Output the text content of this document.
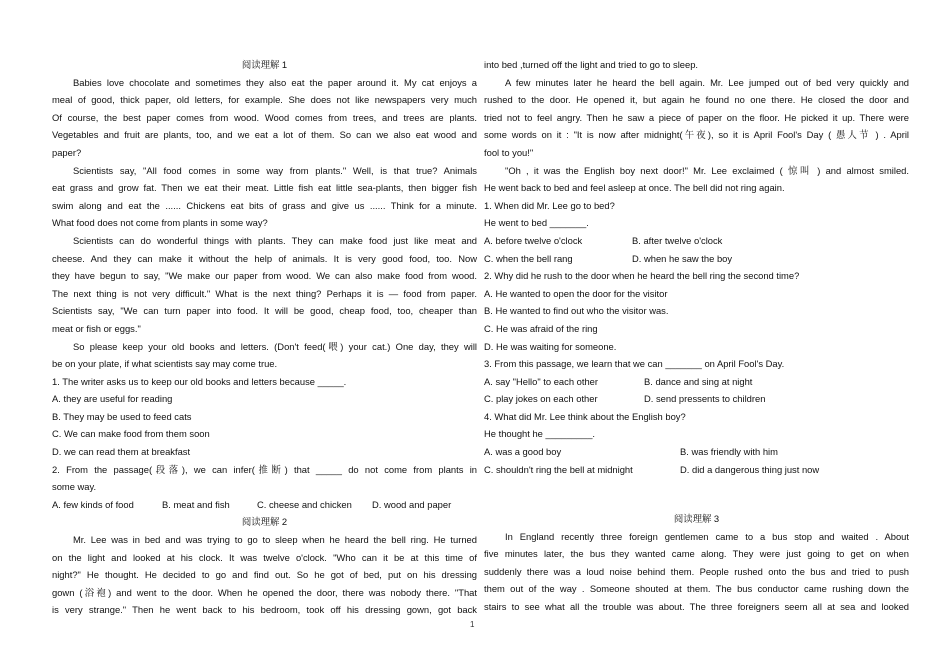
阅读理解 1
Babies love chocolate and sometimes they also eat the paper around it. My cat enjoys a
meal of good, thick paper, old letters, for example. She does not like newspapers very much
Of course, the best paper comes from wood. Wood comes from trees, and trees are plants.
Vegetables and fruit are plants, too, and we eat a lot of them. So can we also eat wood and
paper?
Scientists say, "All food comes in some way from plants." Well, is that true? Animals
eat grass and grow fat. Then we eat their meat. Little fish eat little sea-plants, then bigger fish
swim along and eat the ...... Chickens eat bits of grass and give us ...... Think for a minute.
What food does not come from plants in some way?
Scientists can do wonderful things with plants. They can make food just like meat and
cheese. And they can make it without the help of animals. It is very good food, too. Now
they have begun to say, "We make our paper from wood. We can also make food from wood.
The next thing is not very difficult." What is the next thing? Perhaps it is — food from paper.
Scientists say, "We can turn paper into food. It will be good, cheap food, too, cheaper than
meat or fish or eggs."
So please keep your old books and letters. (Don't feed(喂) your cat.) One day, they will
be on your plate, if what scientists say may come true.
1. The writer asks us to keep our old books and letters because _____.
A. they are useful for reading
B. They may be used to feed cats
C. We can make food from them soon
D. we can read them at breakfast
2. From the passage(段落), we can infer(推断) that _____ do not come from plants in
some way.
A. few kinds of food	B. meat and fish	C. cheese and chicken	D. wood and paper
阅读理解 2
Mr. Lee was in bed and was trying to go to sleep when he heard the bell ring. He turned
on the light and looked at his clock. It was twelve o'clock. "Who can it be at this time of
night?" He thought. He decided to go and find out. So he got of bed, put on his dressing
gown (浴袍) and went to the door. When he opened the door, there was nobody there. "That
is very strange." Then he went back to his bedroom, took off his dressing gown, got back
into bed ,turned off the light and tried to go to sleep.
A few minutes later he heard the bell again. Mr. Lee jumped out of bed very quickly and
rushed to the door. He opened it, but again he found no one there. He closed the door and
tried not to feel angry. Then he saw a piece of paper on the floor. He picked it up. There were
some words on it : "It is now after midnight(午夜), so it is April Fool's Day ( 愚人节 ) . April
fool to you!"
"Oh , it was the English boy next door!" Mr. Lee exclaimed ( 惊叫 ) and almost smiled.
He went back to bed and feel asleep at once. The bell did not ring again.
1. When did Mr. Lee go to bed?
He went to bed _______.
A. before twelve o'clock	B. after twelve o'clock
C. when the bell rang	D. when he saw the boy
2. Why did he rush to the door when he heard the bell ring the second time?
A. He wanted to open the door for the visitor
B. He wanted to find out who the visitor was.
C. He was afraid of the ring
D. He was waiting for someone.
3. From this passage, we learn that we can _______ on April Fool's Day.
A. say "Hello" to each other	B. dance and sing at night
C. play jokes on each other	D. send pressents to children
4. What did Mr. Lee think about the English boy?
He thought he _________.
A. was a good boy	B. was friendly with him
C. shouldn't ring the bell at midnight	D. did a dangerous thing just now
阅读理解 3
In England recently three foreign gentlemen came to a bus stop and waited . About
five minutes later, the bus they wanted came along. They were just going to get on when
suddenly there was a loud noise behind them. People rushed onto the bus and tried to push
them out of the way . Someone shouted at them. The bus conductor came rushing down the
stairs to see what all the trouble was about. The three foreigners seem all at sea and looked
1
